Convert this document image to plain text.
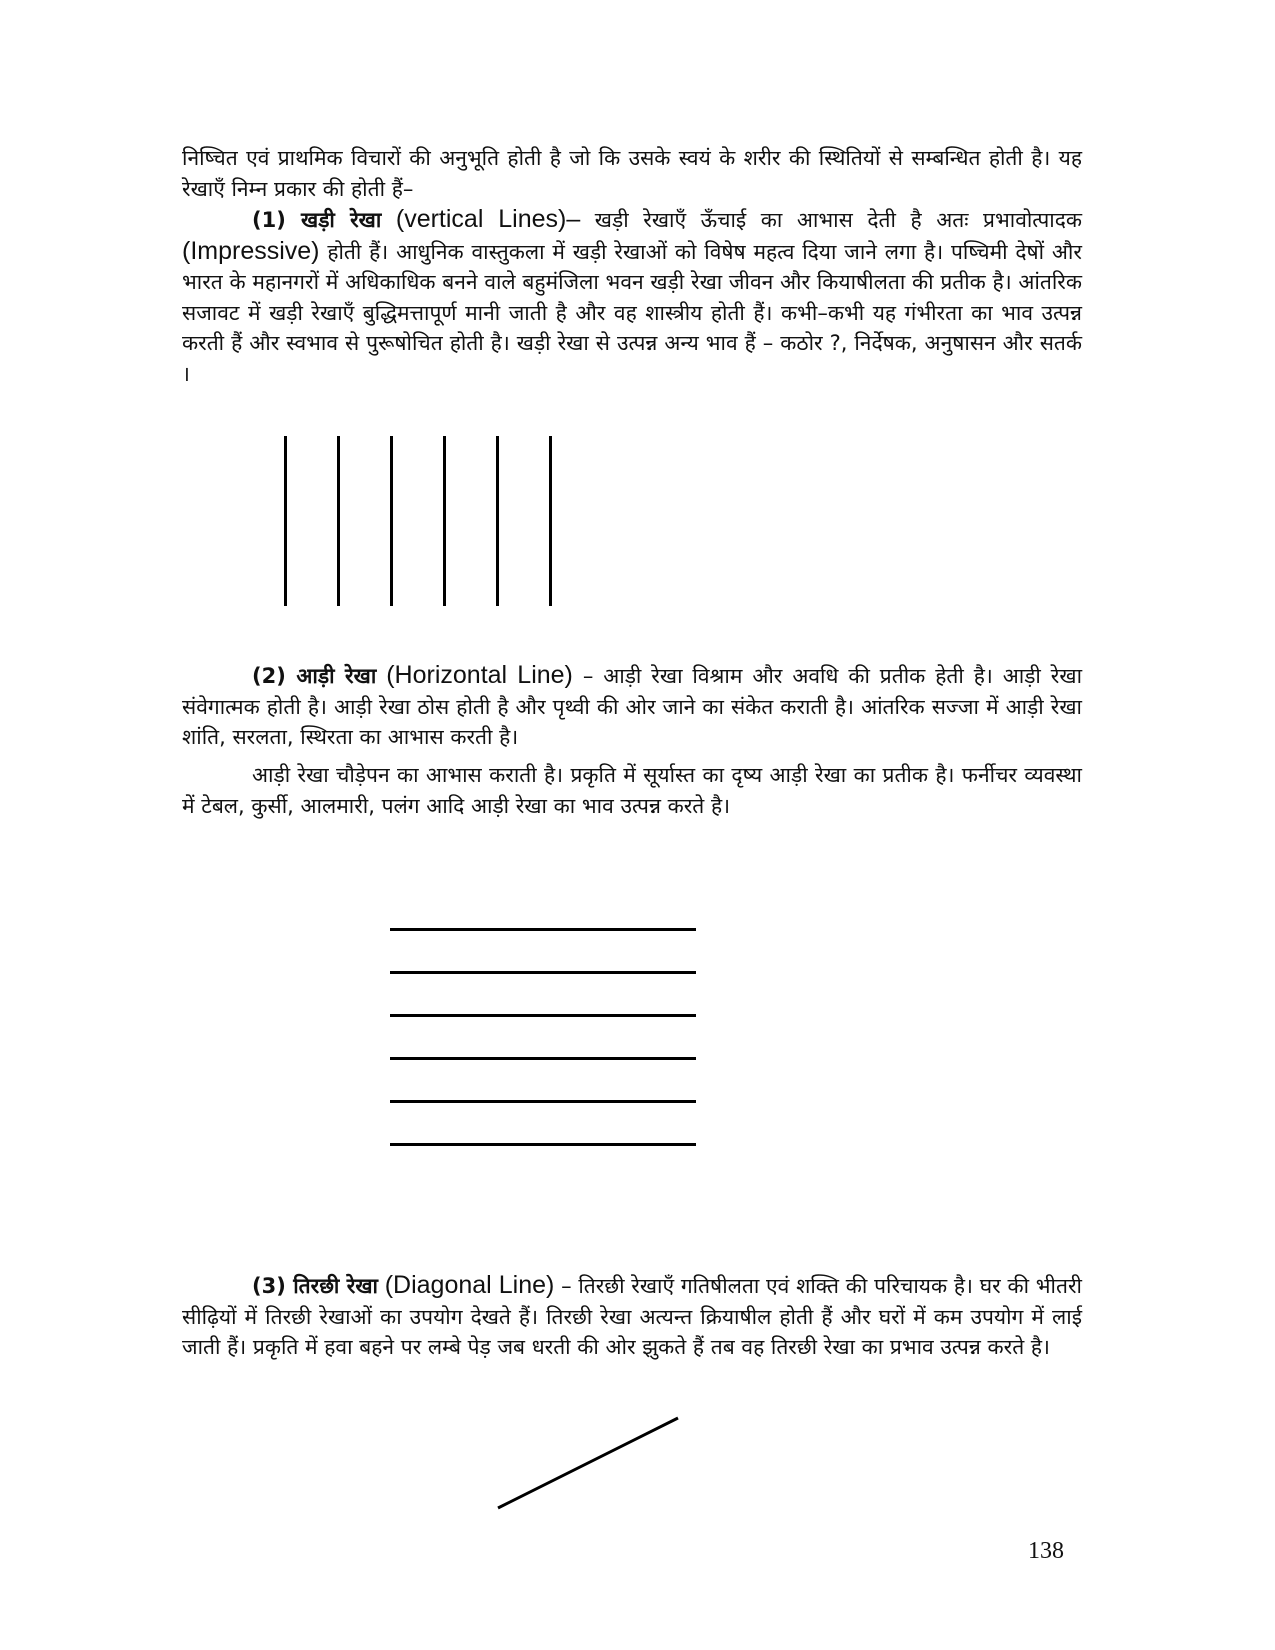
निष्चित एवं प्राथमिक विचारों की अनुभूति होती है जो कि उसके स्वयं के शरीर की स्थितियों से सम्बन्धित होती है। यह रेखाएँ निम्न प्रकार की होती हैं–

(1) खड़ी रेखा (vertical Lines)– खड़ी रेखाएँ ऊँचाई का आभास देती है अतः प्रभावोत्पादक (Impressive) होती हैं। आधुनिक वास्तुकला में खड़ी रेखाओं को विषेष महत्व दिया जाने लगा है। पष्चिमी देषों और भारत के महानगरों में अधिकाधिक बनने वाले बहुमंजिला भवन खड़ी रेखा जीवन और कियाषीलता की प्रतीक है। आंतरिक सजावट में खड़ी रेखाएँ बुद्धिमत्तापूर्ण मानी जाती है और वह शास्त्रीय होती हैं। कभी–कभी यह गंभीरता का भाव उत्पन्न करती हैं और स्वभाव से पुरूषोचित होती है। खड़ी रेखा से उत्पन्न अन्य भाव हैं – कठोर ?, निर्देषक, अनुषासन और सतर्क ।

(2) आड़ी रेखा (Horizontal Line) – आड़ी रेखा विश्राम और अवधि की प्रतीक हेती है। आड़ी रेखा संवेगात्मक होती है। आड़ी रेखा ठोस होती है और पृथ्वी की ओर जाने का संकेत कराती है। आंतरिक सज्जा में आड़ी रेखा शांति, सरलता, स्थिरता का आभास करती है।

आड़ी रेखा चौड़ेपन का आभास कराती है। प्रकृति में सूर्यास्त का दृष्य आड़ी रेखा का प्रतीक है। फर्नीचर व्यवस्था में टेबल, कुर्सी, आलमारी, पलंग आदि आड़ी रेखा का भाव उत्पन्न करते है।

(3) तिरछी रेखा (Diagonal Line) – तिरछी रेखाएँ गतिषीलता एवं शक्ति की परिचायक है। घर की भीतरी सीढ़ियों में तिरछी रेखाओं का उपयोग देखते हैं। तिरछी रेखा अत्यन्त क्रियाषील होती हैं और घरों में कम उपयोग में लाई जाती हैं। प्रकृति में हवा बहने पर लम्बे पेड़ जब धरती की ओर झुकते हैं तब वह तिरछी रेखा का प्रभाव उत्पन्न करते है।

138
